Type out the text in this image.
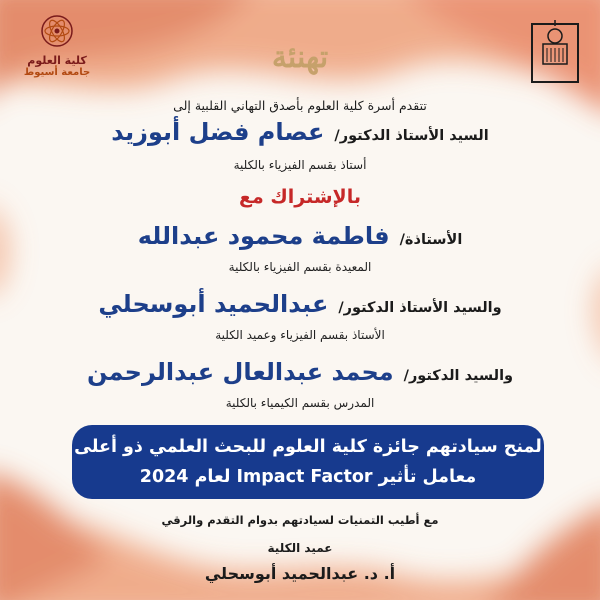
كلية العلوم
جامعة أسيوط	تهنئة
تتقدم أسرة كلية العلوم بأصدق التهاني القلبية إلى
السيد الأستاذ الدكتور/
عصام فضل أبوزيد
أستاذ بقسم الفيزياء بالكلية
بالإشتراك مع
الأستاذة/
فاطمة محمود عبدالله
المعيدة بقسم الفيزياء بالكلية
والسيد الأستاذ الدكتور/
عبدالحميد أبوسحلي
الأستاذ بقسم الفيزياء وعميد الكلية
والسيد الدكتور/
محمد عبدالعال عبدالرحمن
المدرس بقسم الكيمياء بالكلية
لمنح سيادتهم جائزة كلية العلوم للبحث العلمي ذو أعلى
معامل تأثير Impact Factor لعام 2024
مع أطيب التمنيات لسيادتهم بدوام التقدم والرقي
عميد الكلية
أ. د. عبدالحميد أبوسحلي
